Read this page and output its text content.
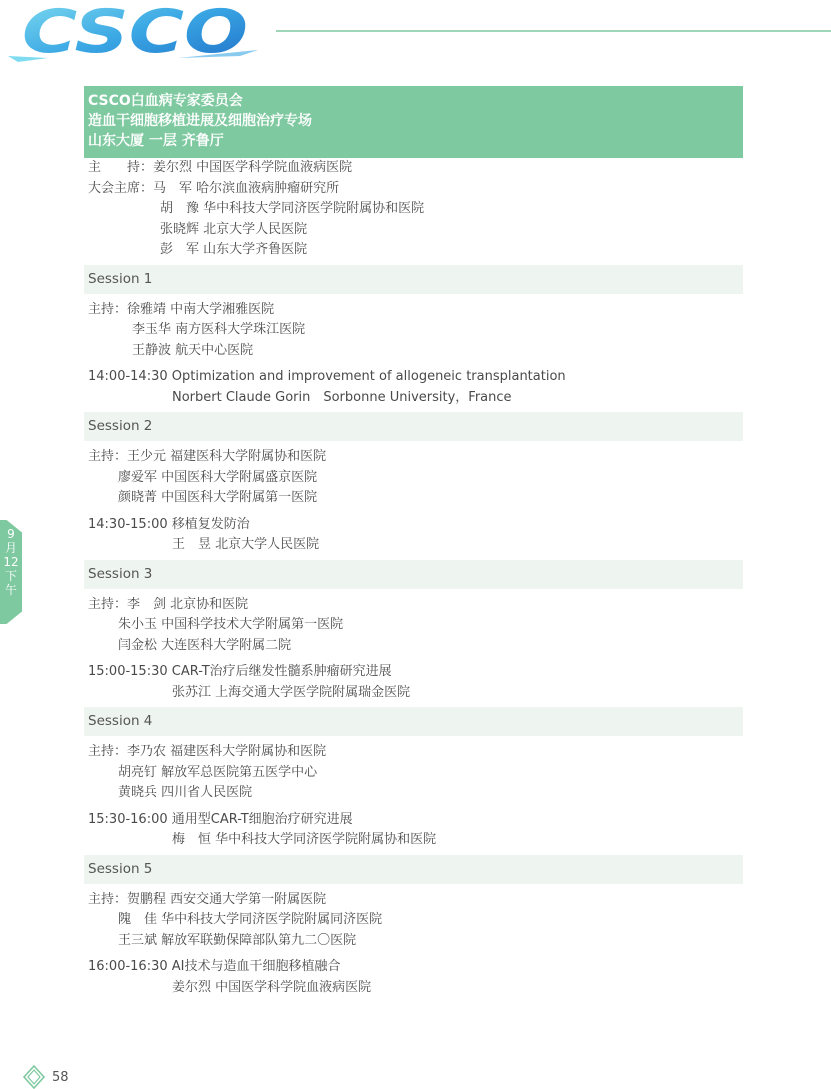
CSCO
CSCO白血病专家委员会
造血干细胞移植进展及细胞治疗专场
山东大厦 一层 齐鲁厅
主　　持：姜尔烈 中国医学科学院血液病医院
大会主席：马　军 哈尔滨血液病肿瘤研究所
胡　豫 华中科技大学同济医学院附属协和医院
张晓辉 北京大学人民医院
彭　军 山东大学齐鲁医院
Session 1
主持：徐雅靖 中南大学湘雅医院
李玉华 南方医科大学珠江医院
王静波 航天中心医院
14:00-14:30 Optimization and improvement of allogeneic transplantation
Norbert Claude Gorin　Sorbonne University，France
Session 2
主持：王少元 福建医科大学附属协和医院
廖爱军 中国医科大学附属盛京医院
颜晓菁 中国医科大学附属第一医院
14:30-15:00 移植复发防治
王　昱 北京大学人民医院
Session 3
主持：李　剑 北京协和医院
朱小玉 中国科学技术大学附属第一医院
闫金松 大连医科大学附属二院
15:00-15:30 CAR-T治疗后继发性髓系肿瘤研究进展
张苏江 上海交通大学医学院附属瑞金医院
Session 4
主持：李乃农 福建医科大学附属协和医院
胡亮钉 解放军总医院第五医学中心
黄晓兵 四川省人民医院
15:30-16:00 通用型CAR-T细胞治疗研究进展
梅　恒 华中科技大学同济医学院附属协和医院
Session 5
主持：贺鹏程 西安交通大学第一附属医院
隗　佳 华中科技大学同济医学院附属同济医院
王三斌 解放军联勤保障部队第九二〇医院
16:00-16:30 AI技术与造血干细胞移植融合
姜尔烈 中国医学科学院血液病医院
9
月
12
下
午
58
